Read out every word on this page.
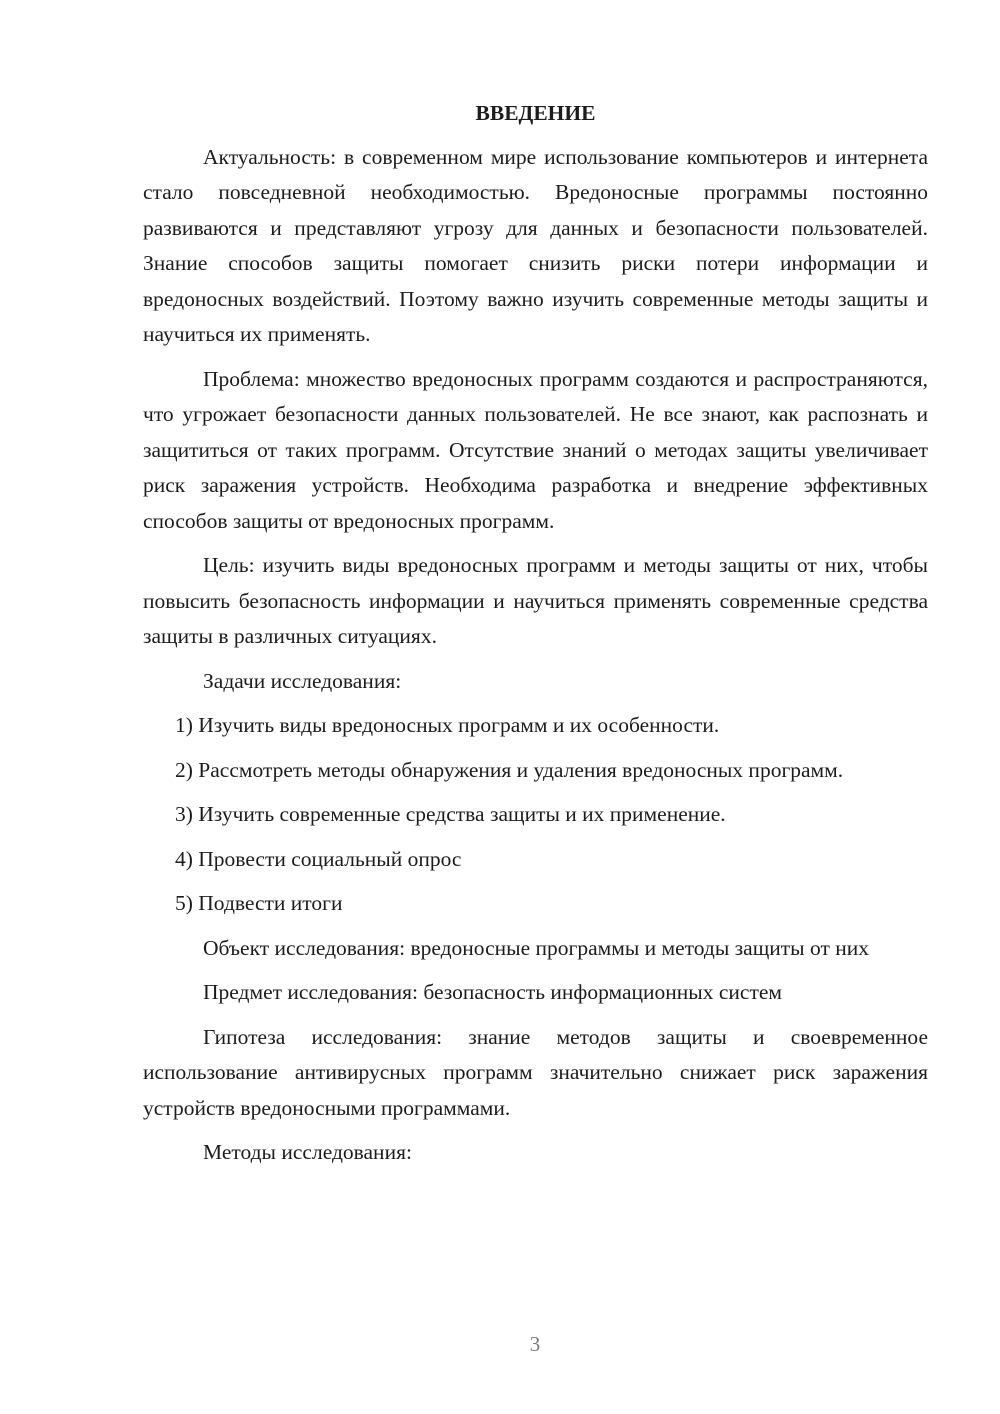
ВВЕДЕНИЕ

Актуальность: в современном мире использование компьютеров и интернета стало повседневной необходимостью. Вредоносные программы постоянно развиваются и представляют угрозу для данных и безопасности пользователей. Знание способов защиты помогает снизить риски потери информации и вредоносных воздействий. Поэтому важно изучить современные методы защиты и научиться их применять.

Проблема: множество вредоносных программ создаются и распространяются, что угрожает безопасности данных пользователей. Не все знают, как распознать и защититься от таких программ. Отсутствие знаний о методах защиты увеличивает риск заражения устройств. Необходима разработка и внедрение эффективных способов защиты от вредоносных программ.

Цель: изучить виды вредоносных программ и методы защиты от них, чтобы повысить безопасность информации и научиться применять современные средства защиты в различных ситуациях.

Задачи исследования:

1) Изучить виды вредоносных программ и их особенности.

2) Рассмотреть методы обнаружения и удаления вредоносных программ.

3) Изучить современные средства защиты и их применение.

4) Провести социальный опрос

5) Подвести итоги

Объект исследования: вредоносные программы и методы защиты от них

Предмет исследования: безопасность информационных систем

Гипотеза исследования: знание методов защиты и своевременное использование антивирусных программ значительно снижает риск заражения устройств вредоносными программами.

Методы исследования:

3
